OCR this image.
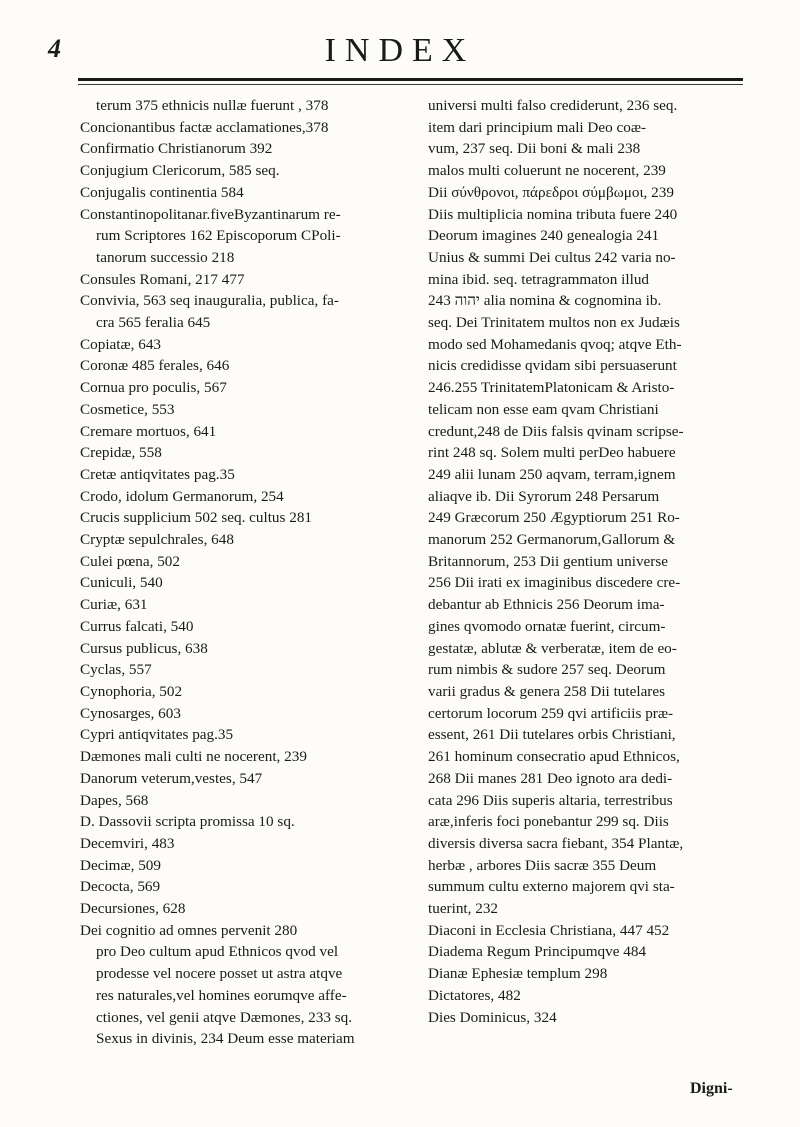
4	INDEX
terum 375 ethnicis nullæ fuerunt , 378
Concionantibus factæ acclamationes,378
Confirmatio Christianorum 392
Conjugium Clericorum, 585 seq.
Conjugalis continentia 584
Constantinopolitanar.fiveByzantinarum re-
rum Scriptores 162 Episcoporum CPoli-
tanorum successio 218
Consules Romani, 217 477
Convivia, 563 seq inauguralia, publica, fa-
cra 565 feralia 645
Copiatæ, 643
Coronæ 485 ferales, 646
Cornua pro poculis, 567
Cosmetice, 553
Cremare mortuos, 641
Crepidæ, 558
Cretæ antiqvitates pag.35
Crodo, idolum Germanorum, 254
Crucis supplicium 502 seq. cultus 281
Cryptæ sepulchrales, 648
Culei pœna, 502
Cuniculi, 540
Curiæ, 631
Currus falcati, 540
Cursus publicus, 638
Cyclas, 557
Cynophoria, 502
Cynosarges, 603
Cypri antiqvitates pag.35
Dæmones mali culti ne nocerent, 239
Danorum veterum,vestes, 547
Dapes, 568
D. Dassovii scripta promissa 10 sq.
Decemviri, 483
Decimæ, 509
Decocta, 569
Decursiones, 628
Dei cognitio ad omnes pervenit 280
pro Deo cultum apud Ethnicos qvod vel
prodesse vel nocere posset ut astra atqve
res naturales,vel homines eorumqve affe-
ctiones, vel genii atqve Dæmones, 233 sq.
Sexus in divinis, 234 Deum esse materiam
universi multi falso crediderunt, 236 seq.
item dari principium mali Deo coæ-
vum, 237 seq. Dii boni & mali 238
malos multi coluerunt ne nocerent, 239
Dii σύνθρονοι, πάρεδροι σύμβωμοι, 239
Diis multiplicia nomina tributa fuere 240
Deorum imagines 240 genealogia 241
Unius & summi Dei cultus 242 varia no-
mina ibid. seq. tetragrammaton illud
יהוה 243 alia nomina & cognomina ib.
seq. Dei Trinitatem multos non ex Judæis
modo sed Mohamedanis qvoq; atqve Eth-
nicis credidisse qvidam sibi persuaserunt
246.255 TrinitatemPlatonicam & Aristo-
telicam non esse eam qvam Christiani
credunt,248 de Diis falsis qvinam scripse-
rint 248 sq. Solem multi perDeo habuere
249 alii lunam 250 aqvam, terram,ignem
aliaqve ib. Dii Syrorum 248 Persarum
249 Græcorum 250 Ægyptiorum 251 Ro-
manorum 252 Germanorum,Gallorum &
Britannorum, 253 Dii gentium universe
256 Dii irati ex imaginibus discedere cre-
debantur ab Ethnicis 256 Deorum ima-
gines qvomodo ornatæ fuerint, circum-
gestatæ, ablutæ & verberatæ, item de eo-
rum nimbis & sudore 257 seq. Deorum
varii gradus & genera 258 Dii tutelares
certorum locorum 259 qvi artificiis præ-
essent, 261 Dii tutelares orbis Christiani,
261 hominum consecratio apud Ethnicos,
268 Dii manes 281 Deo ignoto ara dedi-
cata 296 Diis superis altaria, terrestribus
aræ,inferis foci ponebantur 299 sq. Diis
diversis diversa sacra fiebant, 354 Plantæ,
herbæ , arbores Diis sacræ 355 Deum
summum cultu externo majorem qvi sta-
tuerint, 232
Diaconi in Ecclesia Christiana, 447 452
Diadema Regum Principumqve 484
Dianæ Ephesiæ templum 298
Dictatores, 482
Dies Dominicus, 324
Digni-
